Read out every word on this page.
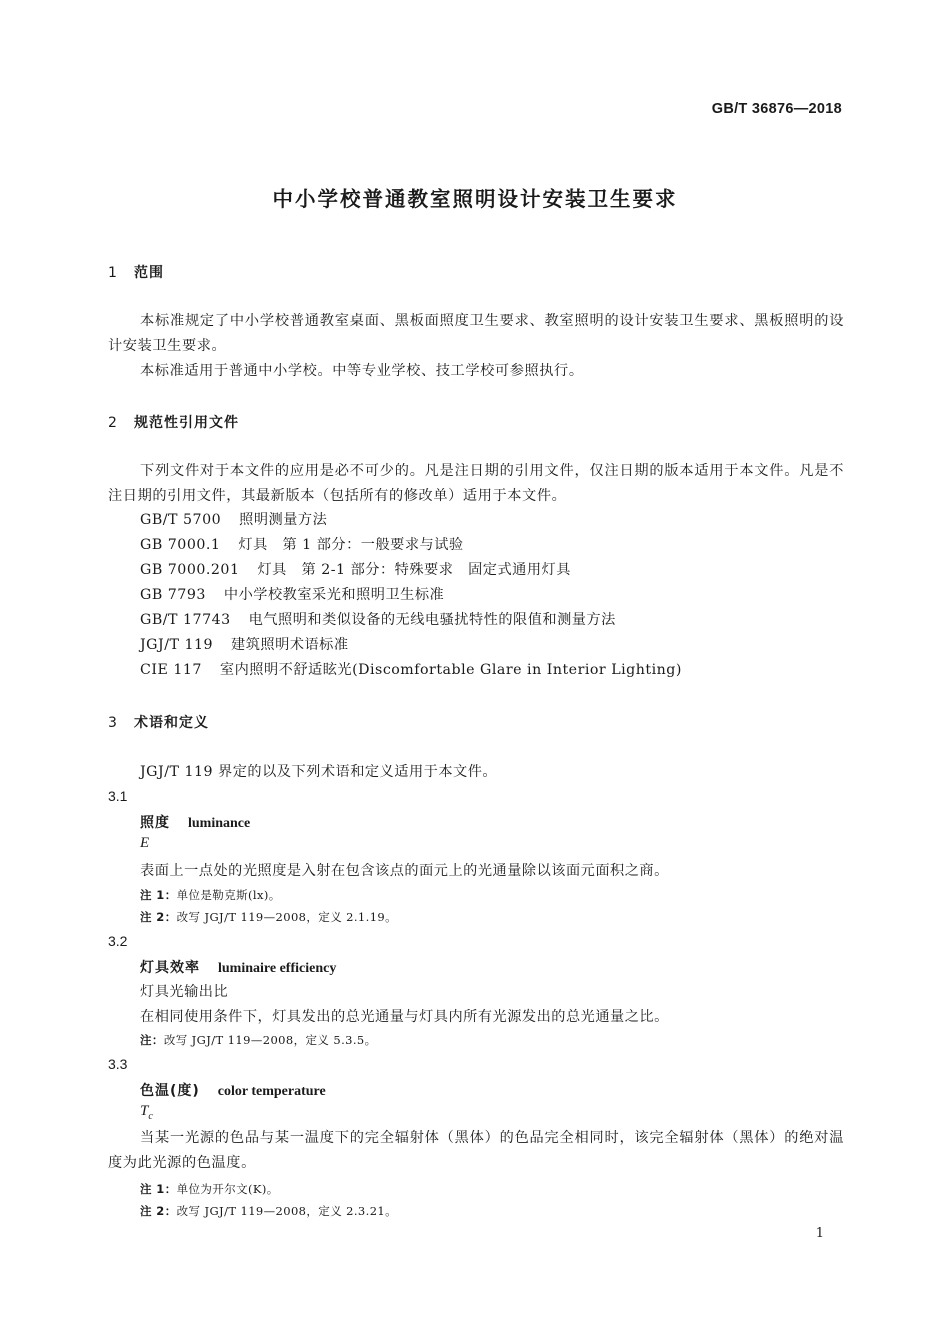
GB/T 36876—2018
中小学校普通教室照明设计安装卫生要求
1 范围
本标准规定了中小学校普通教室桌面、黑板面照度卫生要求、教室照明的设计安装卫生要求、黑板照明的设计安装卫生要求。
本标准适用于普通中小学校。中等专业学校、技工学校可参照执行。
2 规范性引用文件
下列文件对于本文件的应用是必不可少的。凡是注日期的引用文件，仅注日期的版本适用于本文件。凡是不注日期的引用文件，其最新版本（包括所有的修改单）适用于本文件。
GB/T 5700 照明测量方法
GB 7000.1 灯具　第 1 部分：一般要求与试验
GB 7000.201 灯具　第 2-1 部分：特殊要求　固定式通用灯具
GB 7793 中小学校教室采光和照明卫生标准
GB/T 17743 电气照明和类似设备的无线电骚扰特性的限值和测量方法
JGJ/T 119 建筑照明术语标准
CIE 117 室内照明不舒适眩光(Discomfortable Glare in Interior Lighting)
3 术语和定义
JGJ/T 119 界定的以及下列术语和定义适用于本文件。
3.1
照度 luminance
E
表面上一点处的光照度是入射在包含该点的面元上的光通量除以该面元面积之商。
注 1：单位是勒克斯(lx)。
注 2：改写 JGJ/T 119—2008，定义 2.1.19。
3.2
灯具效率 luminaire efficiency
灯具光输出比
在相同使用条件下，灯具发出的总光通量与灯具内所有光源发出的总光通量之比。
注：改写 JGJ/T 119—2008，定义 5.3.5。
3.3
色温(度) color temperature
$T_c$
当某一光源的色品与某一温度下的完全辐射体（黑体）的色品完全相同时，该完全辐射体（黑体）的绝对温度为此光源的色温度。
注 1：单位为开尔文(K)。
注 2：改写 JGJ/T 119—2008，定义 2.3.21。
1
